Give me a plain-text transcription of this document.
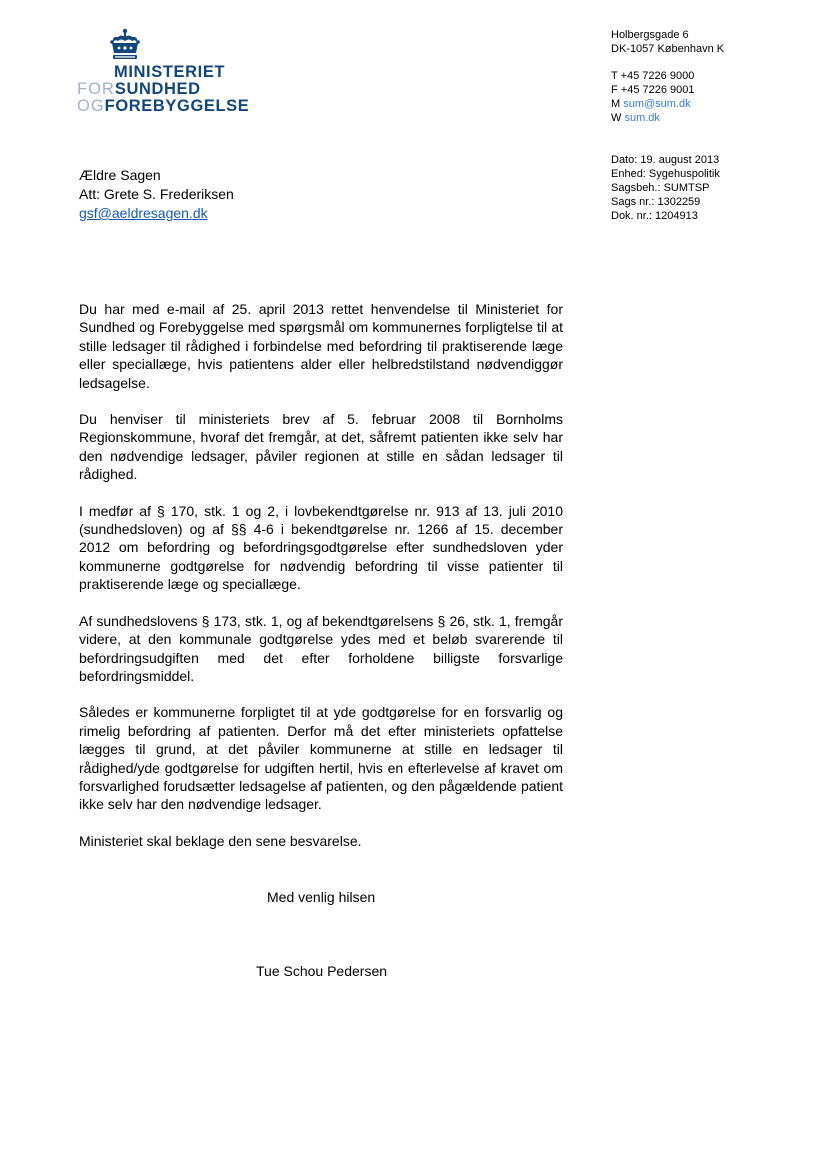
MINISTERIET
FORSUNDHED
OGFOREBYGGELSE
Holbergsgade 6
DK-1057 København K
T +45 7226 9000
F +45 7226 9001
M sum@sum.dk
W sum.dk
Dato: 19. august 2013
Enhed: Sygehuspolitik
Sagsbeh.: SUMTSP
Sags nr.: 1302259
Dok. nr.: 1204913
Ældre Sagen
Att: Grete S. Frederiksen
gsf@aeldresagen.dk

Du har med e-mail af 25. april 2013 rettet henvendelse til Ministeriet for Sundhed og Forebyggelse med spørgsmål om kommunernes forpligtelse til at stille ledsager til rådighed i forbindelse med befordring til praktiserende læge eller speciallæge, hvis patientens alder eller helbredstilstand nødvendiggør ledsagelse.

Du henviser til ministeriets brev af 5. februar 2008 til Bornholms Regionskommune, hvoraf det fremgår, at det, såfremt patienten ikke selv har den nødvendige ledsager, påviler regionen at stille en sådan ledsager til rådighed.

I medfør af § 170, stk. 1 og 2, i lovbekendtgørelse nr. 913 af 13. juli 2010 (sundhedsloven) og af §§ 4-6 i bekendtgørelse nr. 1266 af 15. december 2012 om befordring og befordringsgodtgørelse efter sundhedsloven yder kommunerne godtgørelse for nødvendig befordring til visse patienter til praktiserende læge og speciallæge.

Af sundhedslovens § 173, stk. 1, og af bekendtgørelsens § 26, stk. 1, fremgår videre, at den kommunale godtgørelse ydes med et beløb svarerende til befordringsudgiften med det efter forholdene billigste forsvarlige befordringsmiddel.

Således er kommunerne forpligtet til at yde godtgørelse for en forsvarlig og rimelig befordring af patienten. Derfor må det efter ministeriets opfattelse lægges til grund, at det påviler kommunerne at stille en ledsager til rådighed/yde godtgørelse for udgiften hertil, hvis en efterlevelse af kravet om forsvarlighed forudsætter ledsagelse af patienten, og den pågældende patient ikke selv har den nødvendige ledsager.

Ministeriet skal beklage den sene besvarelse.

Med venlig hilsen
Tue Schou Pedersen
